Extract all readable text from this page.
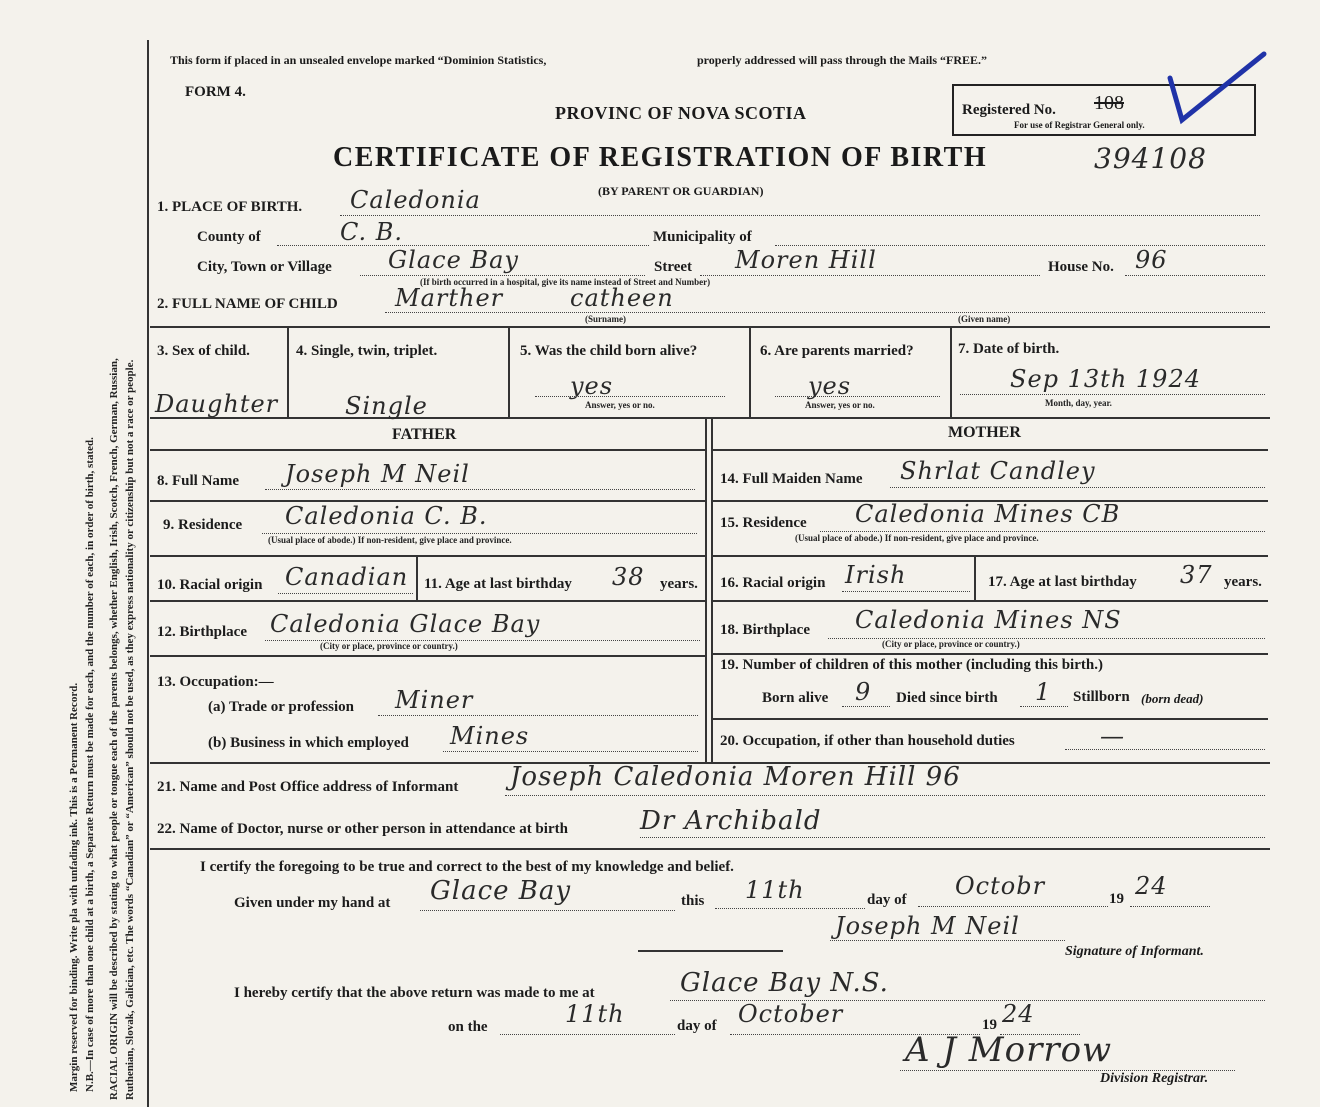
Margin reserved for binding. Write pla with unfading ink. This is a Permanent Record. N.B.—In case of more than one child at a birth, a Separate Return must be made for each, and the number of each, in order of birth, stated. RACIAL ORIGIN will be described by stating to what people or tongue each of the parents belongs, whether English, Irish, Scotch, French, German, Russian, Ruthenian, Slovak, Galician, etc. The words “Canadian” or “American” should not be used, as they express nationality or citizenship but not a race or people.
This form if placed in an unsealed envelope marked “Dominion Statistics,	properly addressed will pass through the Mails “FREE.”
FORM 4.
PROVINC OF NOVA SCOTIA	Registered No. 108
For use of Registrar General only.
CERTIFICATE OF REGISTRATION OF BIRTH	394108
(BY PARENT OR GUARDIAN)
1. PLACE OF BIRTH. Caledonia
County of	C. B.	Municipality of
City, Town or Village Glace Bay
(If birth occurred in a hospital, give its name instead of Street and Number)
Street Moren Hill	House No. 96
2. FULL NAME OF CHILD Marther	catheen
(Surname)	(Given name)
3. Sex of child.
Daughter
4. Single, twin, triplet.
Single
5. Was the child born alive?
yes
Answer, yes or no.
6. Are parents married?
yes
Answer, yes or no.
7. Date of birth.
Sep 13th 1924
Month, day, year.
FATHER	MOTHER
8. Full Name Joseph M Neil
9. Residence Caledonia C. B.
(Usual place of abode.) If non-resident, give place and province.
10. Racial origin Canadian 11. Age at last birthday 38 years.
12. Birthplace Caledonia Glace Bay
(City or place, province or country.)
13. Occupation:—
(a) Trade or profession Miner
(b) Business in which employed Mines
14. Full Maiden Name Shrlat Candley
15. Residence Caledonia Mines CB
(Usual place of abode.) If non-resident, give place and province.
16. Racial origin Irish	17. Age at last birthday 37 years.
18. Birthplace Caledonia Mines NS
(City or place, province or country.)
19. Number of children of this mother (including this birth.)
Born alive 9 Died since birth 1 Stillborn (born dead)
20. Occupation, if other than household duties	—
21. Name and Post Office address of Informant Joseph Caledonia Moren Hill 96
22. Name of Doctor, nurse or other person in attendance at birth	Dr Archibald
I certify the foregoing to be true and correct to the best of my knowledge and belief.
Given under my hand at Glace Bay	this 11th	day of Octobr	19 24
Joseph M Neil
Signature of Informant.
I hereby certify that the above return was made to me at	Glace Bay N.S.
on the	11th	day of October	19 24
A J Morrow
Division Registrar.
